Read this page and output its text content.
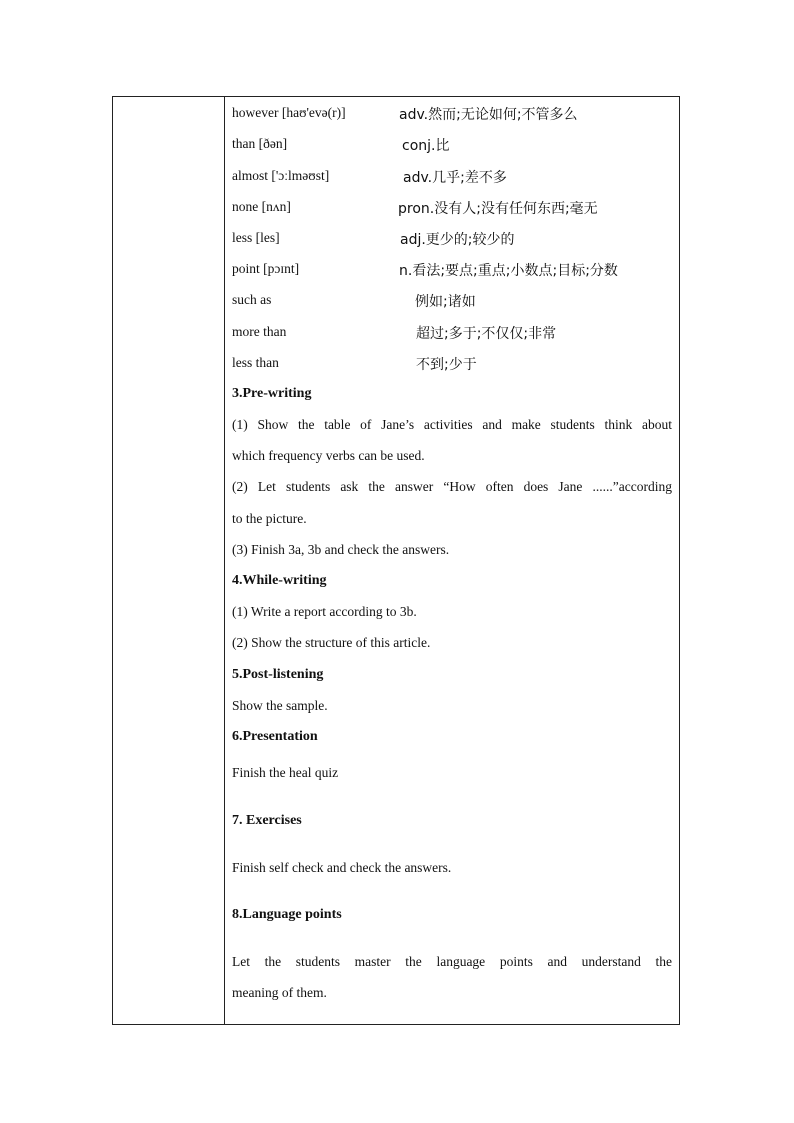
however [haʊ'evə(r)]	adv.然而;无论如何;不管多么
than [ðən]	conj.比
almost ['ɔːlməʊst]	adv.几乎;差不多
none [nʌn]	pron.没有人;没有任何东西;毫无
less [les]	adj.更少的;较少的
point [pɔɪnt]	n.看法;要点;重点;小数点;目标;分数
such as	例如;诸如
more than	超过;多于;不仅仅;非常
less than	不到;少于
3.Pre-writing
(1) Show the table of Jane’s activities and make students think about
which frequency verbs can be used.
(2) Let students ask the answer “How often does Jane ......”according
to the picture.
(3) Finish 3a, 3b and check the answers.
4.While-writing
(1) Write a report according to 3b.
(2) Show the structure of this article.
5.Post-listening
Show the sample.
6.Presentation
Finish the heal quiz
7. Exercises
Finish self check and check the answers.
8.Language points
Let the students master the language points and understand the
meaning of them.
